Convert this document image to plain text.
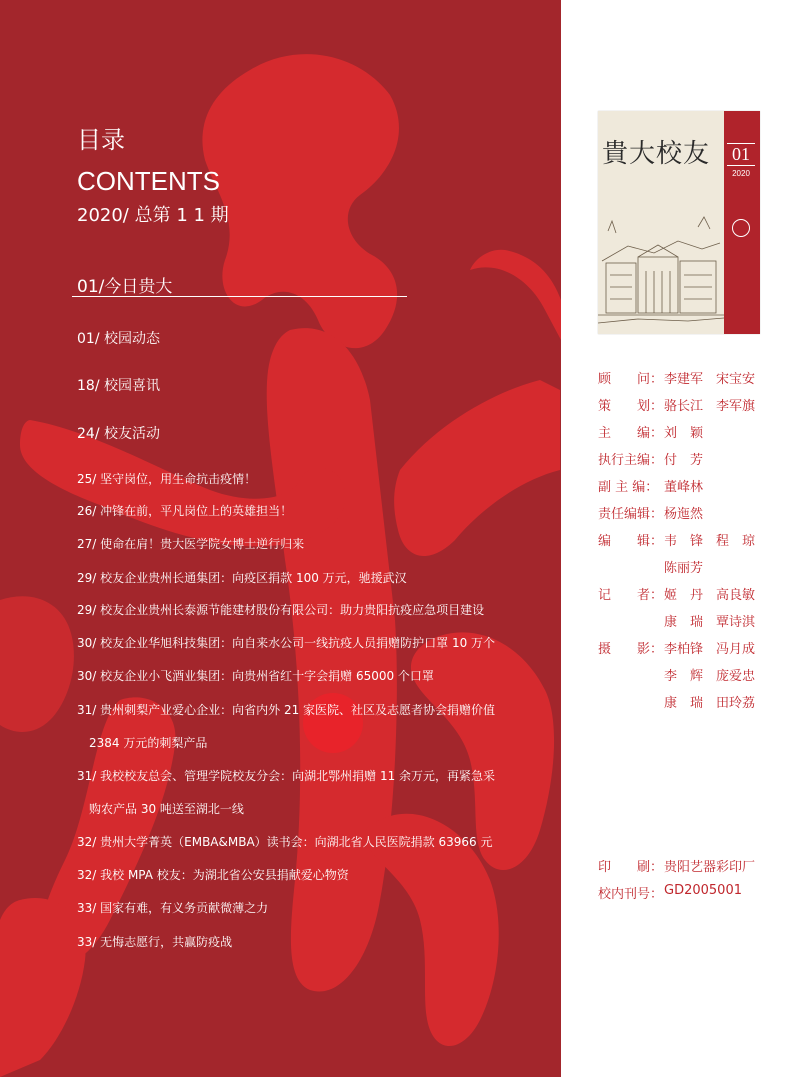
目录
CONTENTS
2020/ 总第 1 1 期
01/今日贵大
01/ 校园动态
18/ 校园喜讯
24/ 校友活动
25/ 坚守岗位，用生命抗击疫情！
26/ 冲锋在前，平凡岗位上的英雄担当！
27/ 使命在肩！贵大医学院女博士逆行归来
29/ 校友企业贵州长通集团：向疫区捐款 100 万元，驰援武汉
29/ 校友企业贵州长泰源节能建材股份有限公司：助力贵阳抗疫应急项目建设
30/ 校友企业华旭科技集团：向自来水公司一线抗疫人员捐赠防护口罩 10 万个
30/ 校友企业小飞酒业集团：向贵州省红十字会捐赠 65000 个口罩
31/ 贵州刺梨产业爱心企业：向省内外 21 家医院、社区及志愿者协会捐赠价值
2384 万元的刺梨产品
31/ 我校校友总会、管理学院校友分会：向湖北鄂州捐赠 11 余万元，再紧急采
购农产品 30 吨送至湖北一线
32/ 贵州大学菁英（EMBA&MBA）读书会：向湖北省人民医院捐款 63966 元
32/ 我校 MPA 校友：为湖北省公安县捐献爱心物资
33/ 国家有难，有义务贡献微薄之力
33/ 无悔志愿行，共赢防疫战
貴大校友 01
2020
顾　　问： 李建军　宋宝安
策　　划： 骆长江　李军旗
主　　编： 刘　颖
执行主编： 付　芳
副 主 编： 董峰林
责任编辑： 杨迤然
编　　辑： 韦　锋　程　琼
陈丽芳
记　　者： 姬　丹　高良敏
康　瑞　覃诗淇
摄　　影： 李柏锋　冯月成
李　辉　庞爱忠
康　瑞　田玲荔
印　　刷： 贵阳艺器彩印厂
校内刊号： GD2005001
